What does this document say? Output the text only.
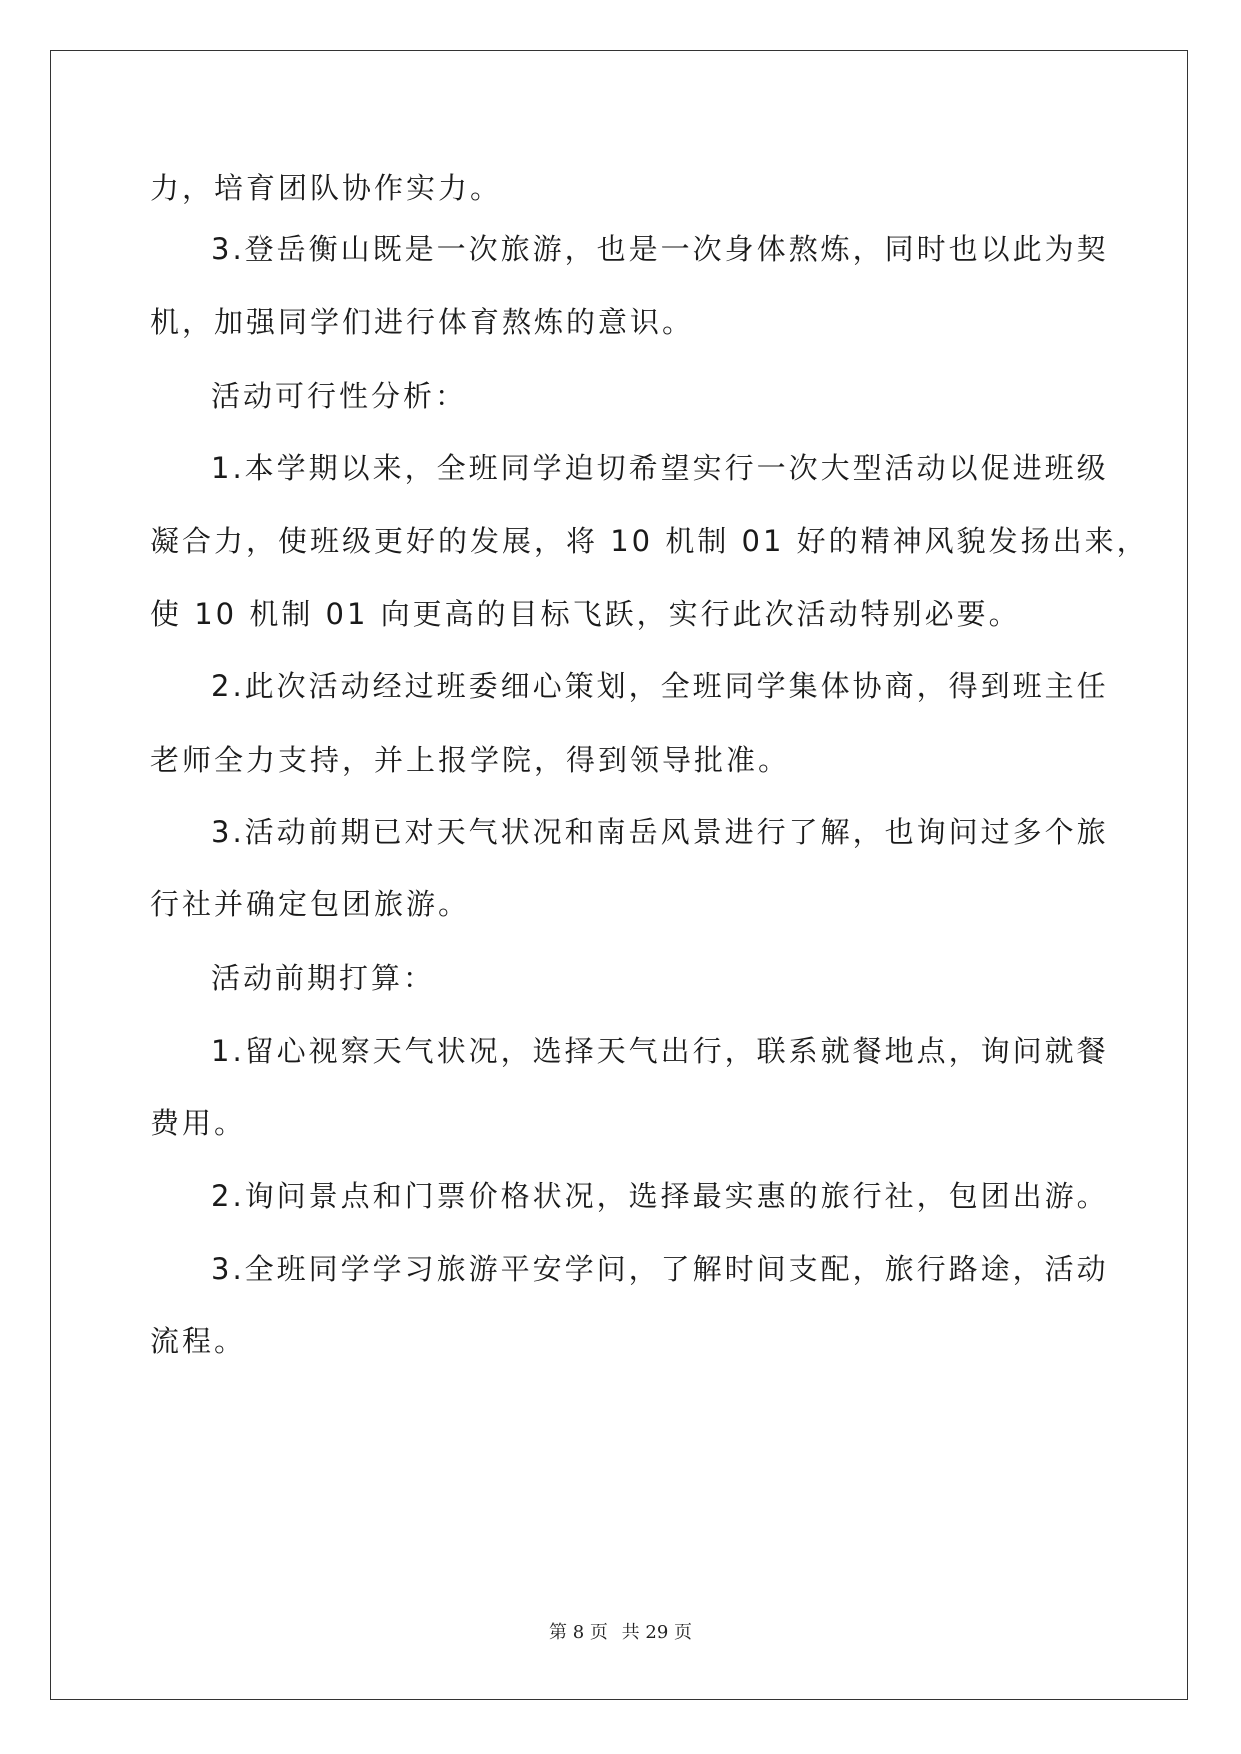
力，培育团队协作实力。
3.登岳衡山既是一次旅游，也是一次身体熬炼，同时也以此为契
机，加强同学们进行体育熬炼的意识。
活动可行性分析：
1.本学期以来，全班同学迫切希望实行一次大型活动以促进班级
凝合力，使班级更好的发展，将 10 机制 01 好的精神风貌发扬出来，
使 10 机制 01 向更高的目标飞跃，实行此次活动特别必要。
2.此次活动经过班委细心策划，全班同学集体协商，得到班主任
老师全力支持，并上报学院，得到领导批准。
3.活动前期已对天气状况和南岳风景进行了解，也询问过多个旅
行社并确定包团旅游。
活动前期打算：
1.留心视察天气状况，选择天气出行，联系就餐地点，询问就餐
费用。
2.询问景点和门票价格状况，选择最实惠的旅行社，包团出游。
3.全班同学学习旅游平安学问，了解时间支配，旅行路途，活动
流程。
第 8 页 共 29 页
